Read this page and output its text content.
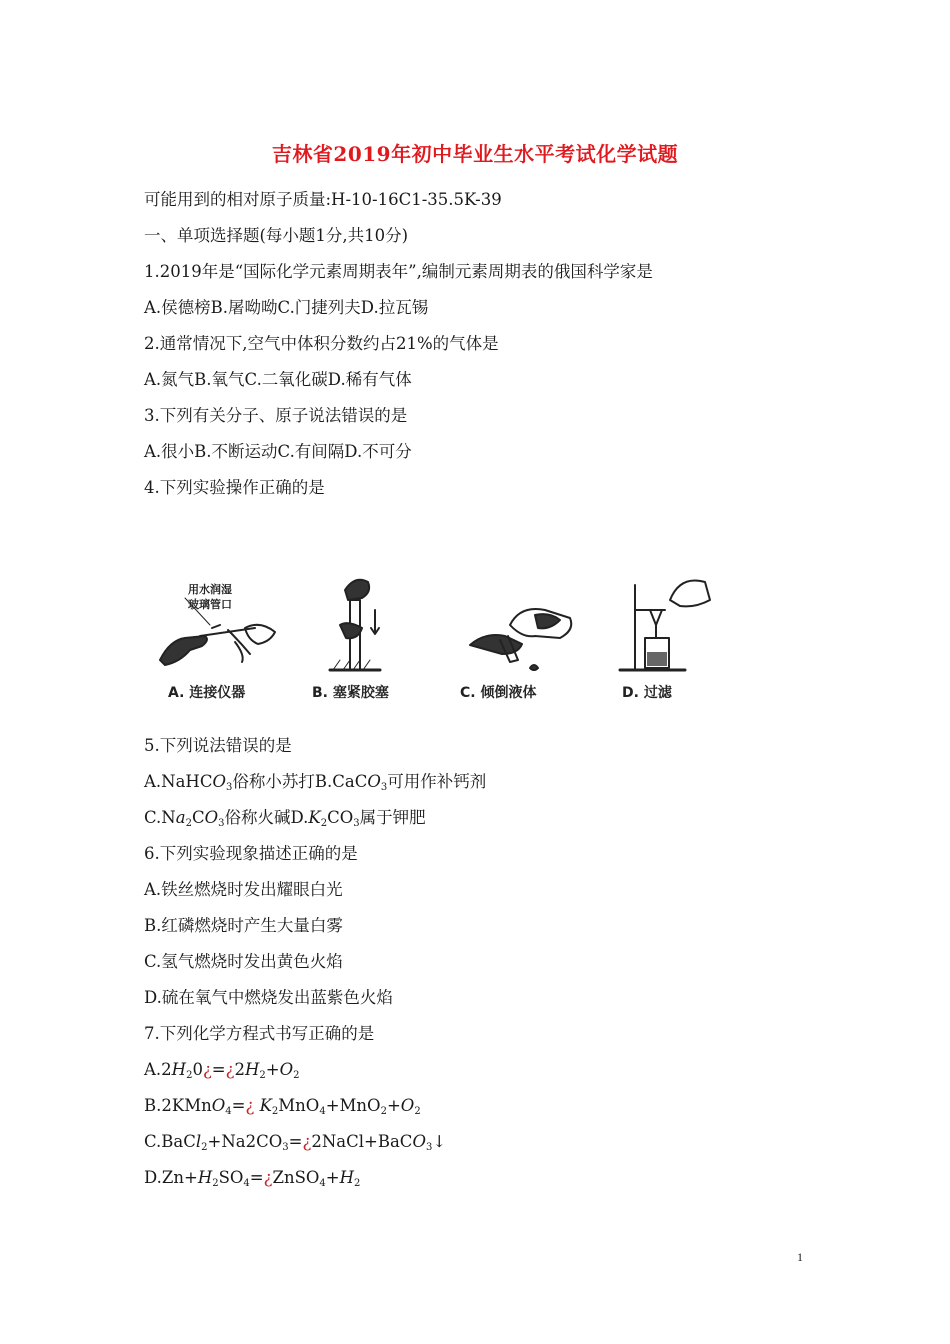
吉林省2019年初中毕业生水平考试化学试题
可能用到的相对原子质量:H-10-16C1-35.5K-39
一、单项选择题(每小题1分,共10分)
1.2019年是“国际化学元素周期表年”,编制元素周期表的俄国科学家是
A.侯德榜B.屠呦呦C.门捷列夫D.拉瓦锡
2.通常情况下,空气中体积分数约占21%的气体是
A.氮气B.氧气C.二氧化碳D.稀有气体
3.下列有关分子、原子说法错误的是
A.很小B.不断运动C.有间隔D.不可分
4.下列实验操作正确的是
用水润湿
玻璃管口
A. 连接仪器	B. 塞紧胶塞	C. 倾倒液体	D. 过滤
5.下列说法错误的是
A.NaHCO$_3$俗称小苏打B.CaCO$_3$可用作补钙剂
$C.Na_2CO_3$俗称火碱$D.K_2CO_3$属于钾肥
6.下列实验现象描述正确的是
A.铁丝燃烧时发出耀眼白光
B.红磷燃烧时产生大量白雾
C.氢气燃烧时发出黄色火焰
D.硫在氧气中燃烧发出蓝紫色火焰
7.下列化学方程式书写正确的是
$A.2H_20¿=¿2H_2+O_2$
B.2KMnO$_4$=¿ $K_2MnO_4+MnO_2+O_2$
$C.BaCl_2+Na2CO_3=¿2NaCl+BaCO_3↓$
$D.Zn+H_2SO_4=¿ZnSO_4+H_2$
1
